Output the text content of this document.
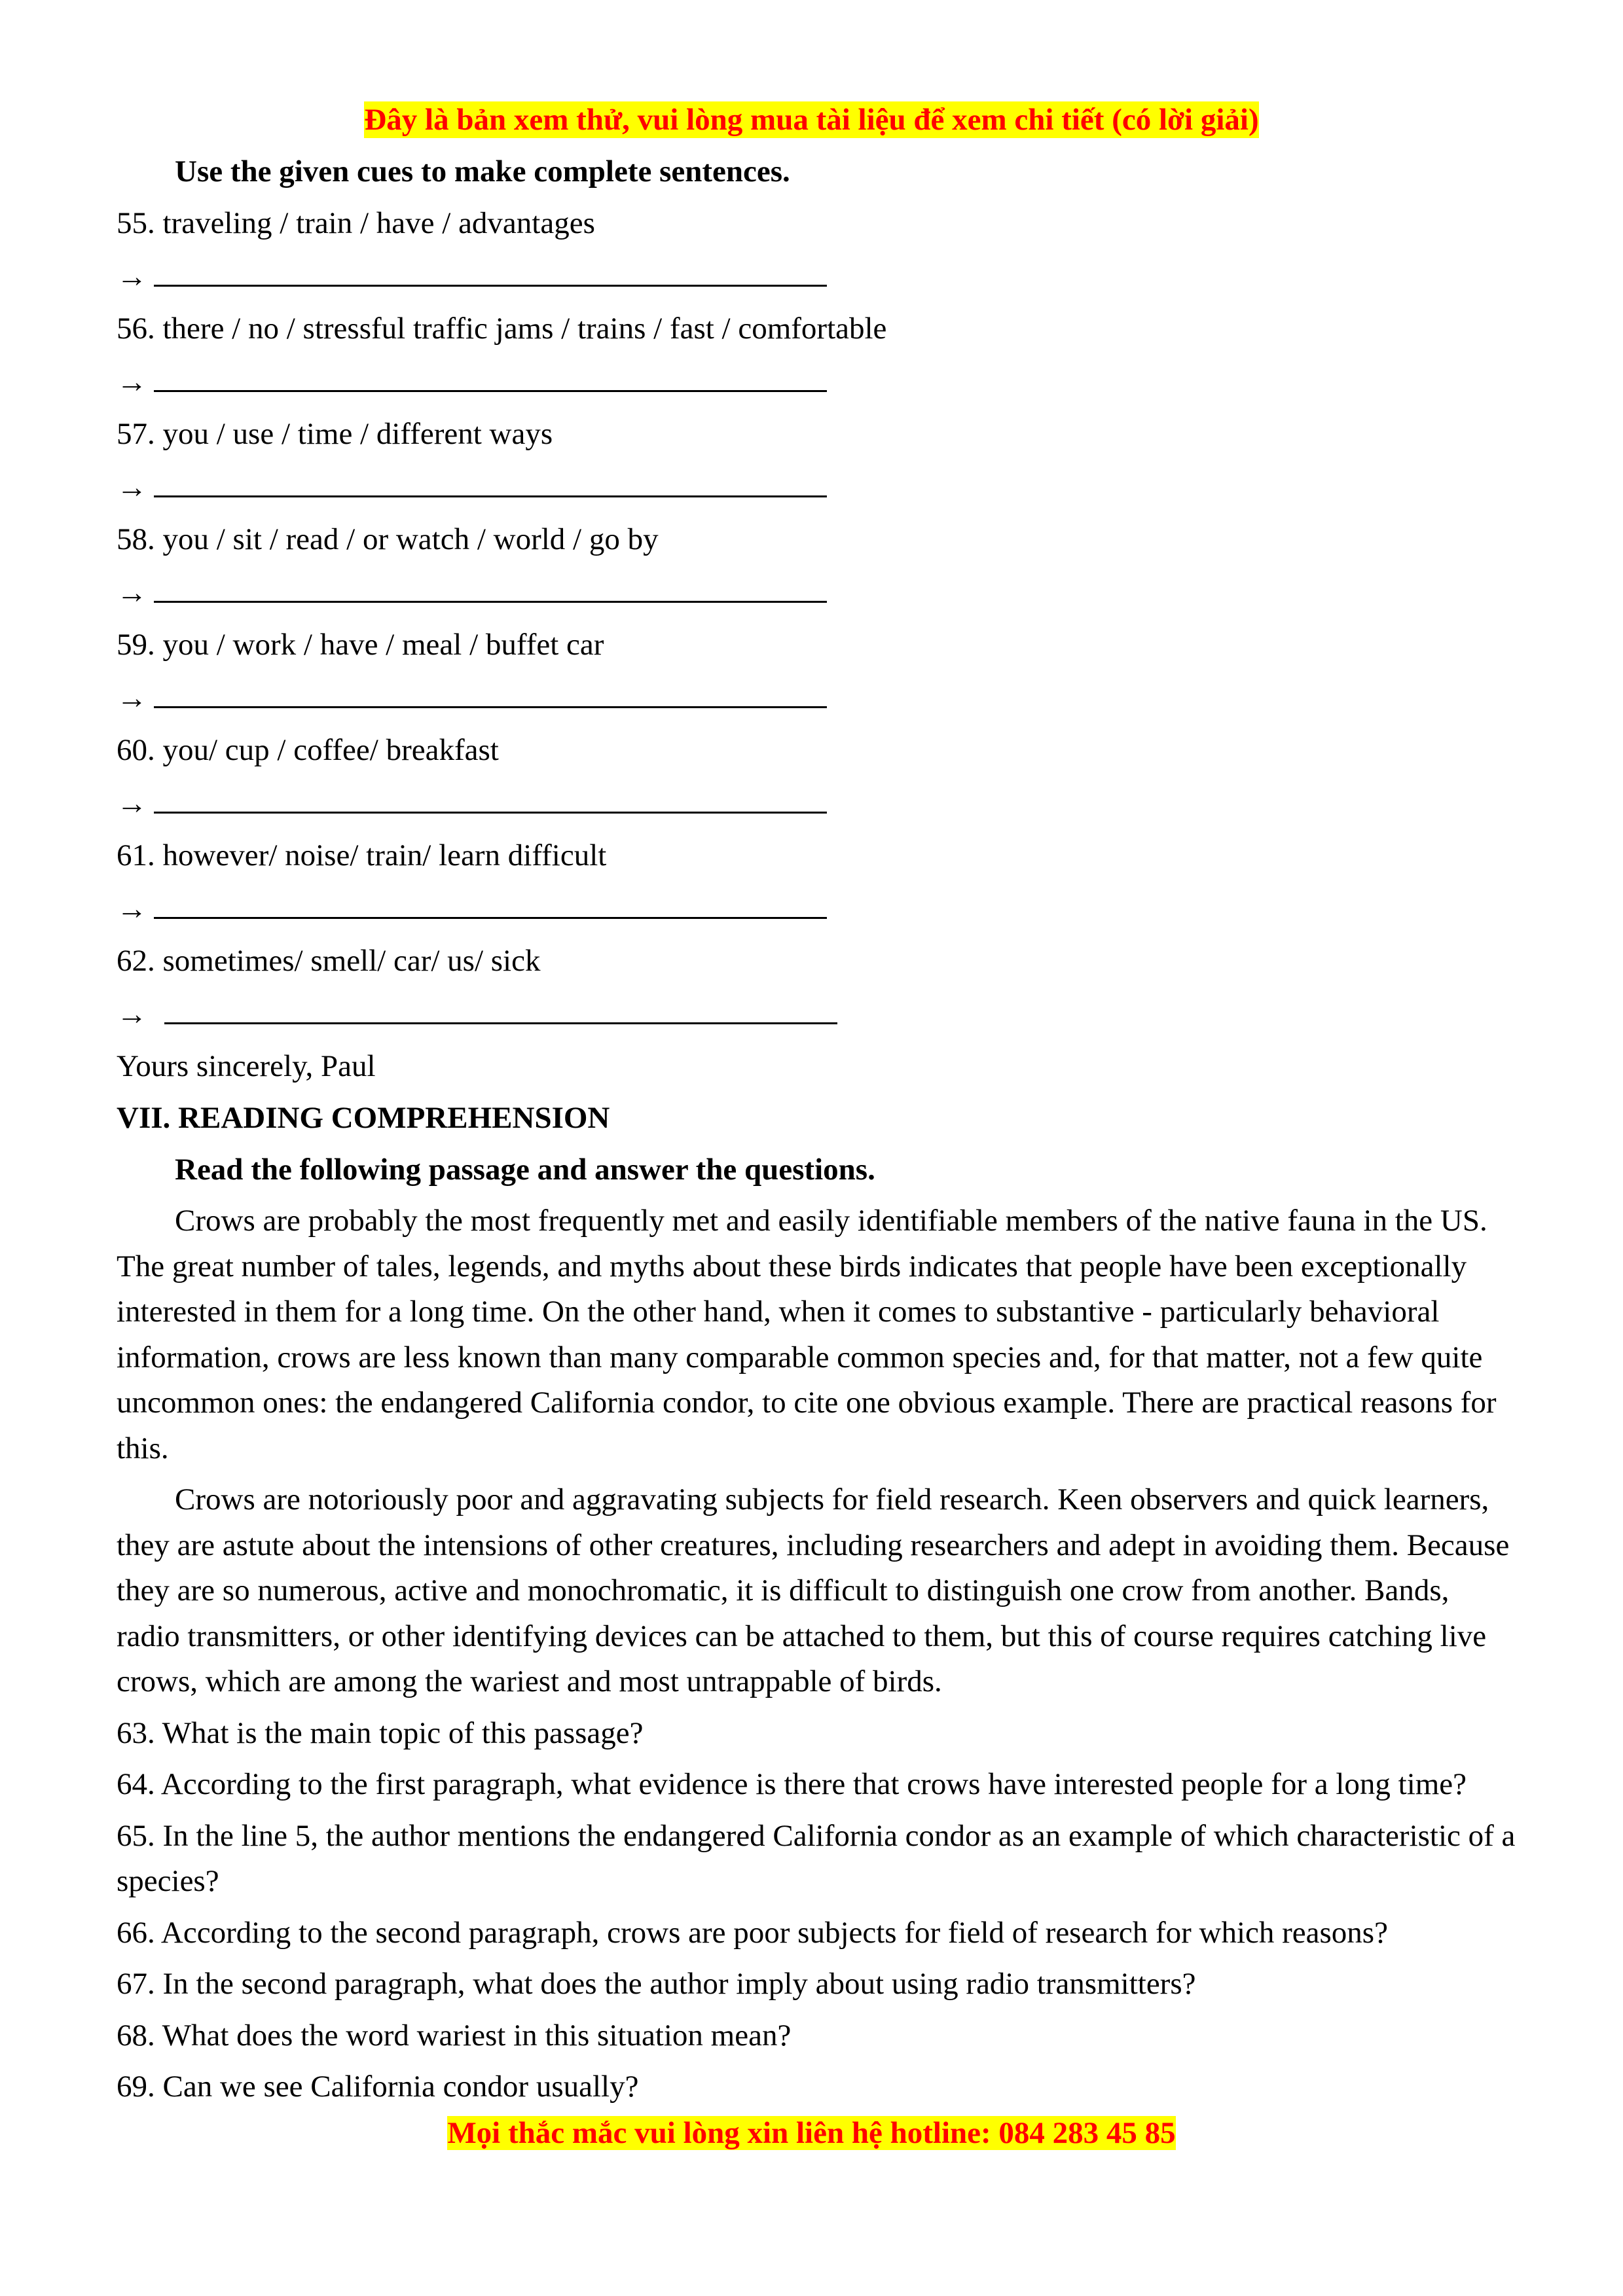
Đây là bản xem thử, vui lòng mua tài liệu để xem chi tiết (có lời giải)
Use the given cues to make complete sentences.
55. traveling / train / have / advantages
→
56. there / no / stressful traffic jams / trains / fast / comfortable
→
57. you / use / time / different ways
→
58. you / sit / read / or watch / world / go by
→
59. you / work / have / meal / buffet car
→
60. you/ cup / coffee/ breakfast
→
61. however/ noise/ train/ learn difficult
→
62. sometimes/ smell/ car/ us/ sick
→
Yours sincerely, Paul
VII. READING COMPREHENSION
Read the following passage and answer the questions.
Crows are probably the most frequently met and easily identifiable members of the native fauna in the US. The great number of tales, legends, and myths about these birds indicates that people have been exceptionally interested in them for a long time. On the other hand, when it comes to substantive - particularly behavioral information, crows are less known than many comparable common species and, for that matter, not a few quite uncommon ones: the endangered California condor, to cite one obvious example. There are practical reasons for this.
Crows are notoriously poor and aggravating subjects for field research. Keen observers and quick learners, they are astute about the intensions of other creatures, including researchers and adept in avoiding them. Because they are so numerous, active and monochromatic, it is difficult to distinguish one crow from another. Bands, radio transmitters, or other identifying devices can be attached to them, but this of course requires catching live crows, which are among the wariest and most untrappable of birds.
63. What is the main topic of this passage?
64. According to the first paragraph, what evidence is there that crows have interested people for a long time?
65. In the line 5, the author mentions the endangered California condor as an example of which characteristic of a species?
66. According to the second paragraph, crows are poor subjects for field of research for which reasons?
67. In the second paragraph, what does the author imply about using radio transmitters?
68. What does the word wariest in this situation mean?
69. Can we see California condor usually?
Mọi thắc mắc vui lòng xin liên hệ hotline: 084 283 45 85
